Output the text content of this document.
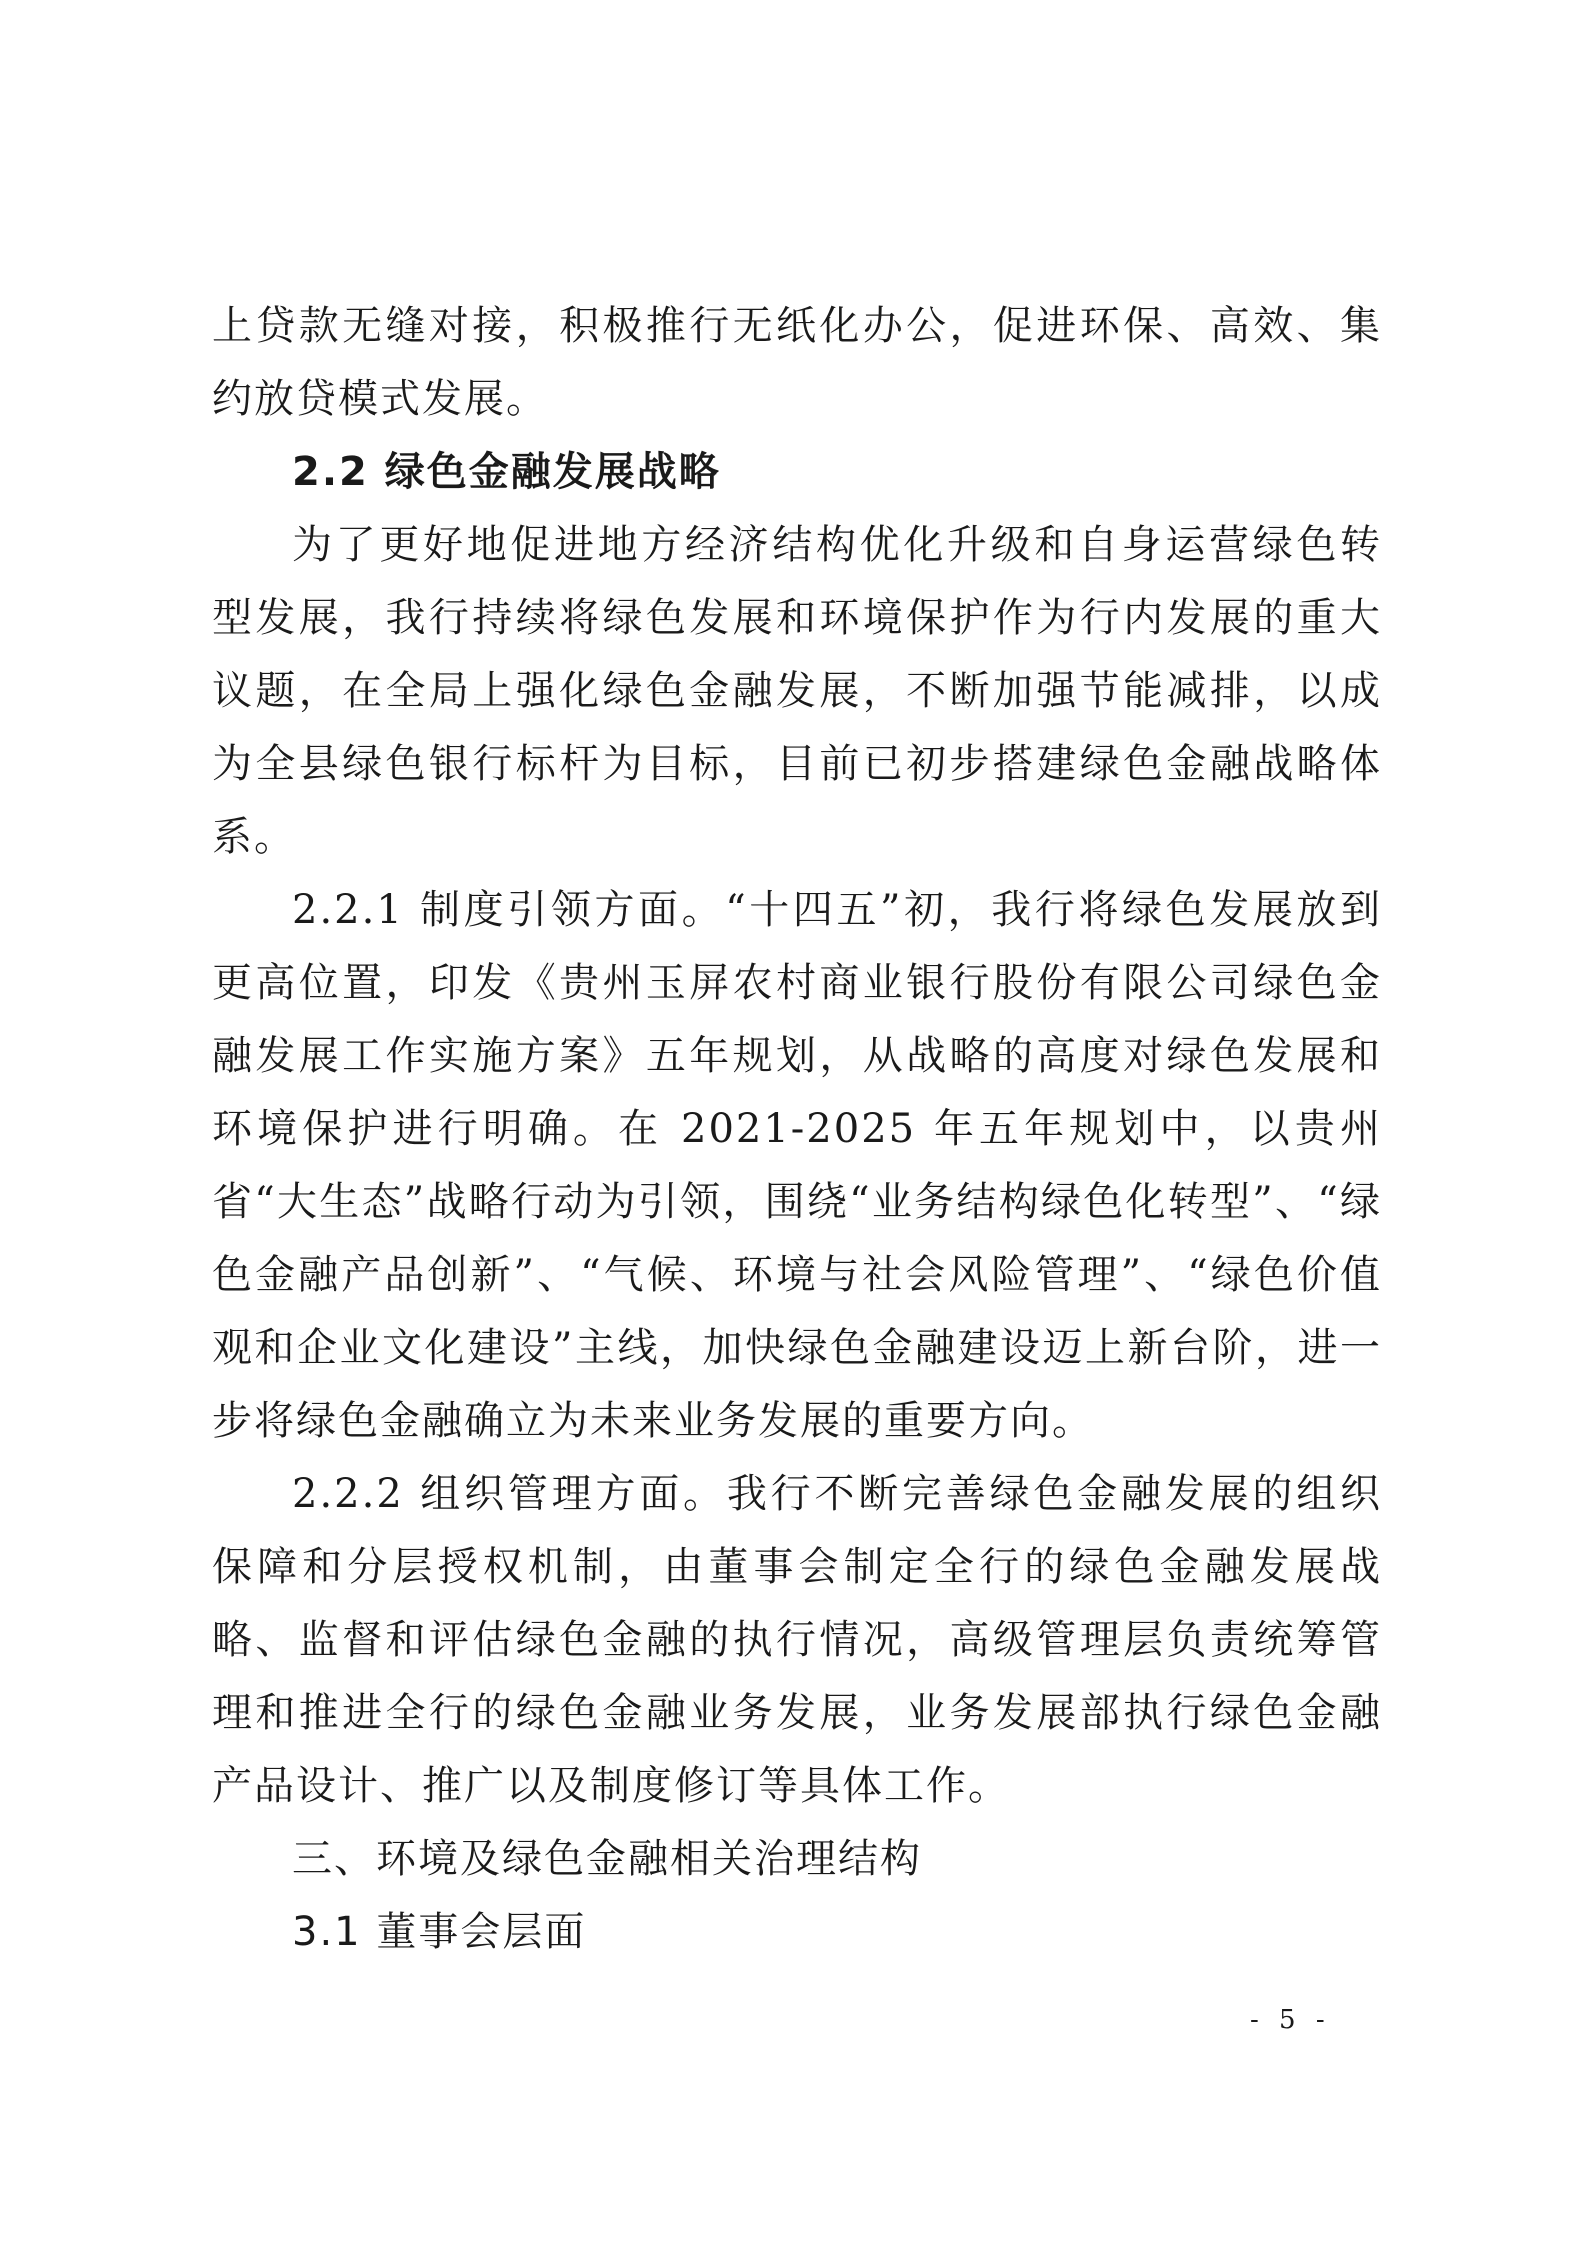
上贷款无缝对接，积极推行无纸化办公，促进环保、高效、集约放贷模式发展。

2.2 绿色金融发展战略

为了更好地促进地方经济结构优化升级和自身运营绿色转型发展，我行持续将绿色发展和环境保护作为行内发展的重大议题，在全局上强化绿色金融发展，不断加强节能减排，以成为全县绿色银行标杆为目标，目前已初步搭建绿色金融战略体系。

2.2.1 制度引领方面。“十四五”初，我行将绿色发展放到更高位置，印发《贵州玉屏农村商业银行股份有限公司绿色金融发展工作实施方案》五年规划，从战略的高度对绿色发展和环境保护进行明确。在 2021-2025 年五年规划中，以贵州省“大生态”战略行动为引领，围绕“业务结构绿色化转型”、“绿色金融产品创新”、“气候、环境与社会风险管理”、“绿色价值观和企业文化建设”主线，加快绿色金融建设迈上新台阶，进一步将绿色金融确立为未来业务发展的重要方向。

2.2.2 组织管理方面。我行不断完善绿色金融发展的组织保障和分层授权机制，由董事会制定全行的绿色金融发展战略、监督和评估绿色金融的执行情况，高级管理层负责统筹管理和推进全行的绿色金融业务发展，业务发展部执行绿色金融产品设计、推广以及制度修订等具体工作。

三、环境及绿色金融相关治理结构

3.1 董事会层面

- 5 -
